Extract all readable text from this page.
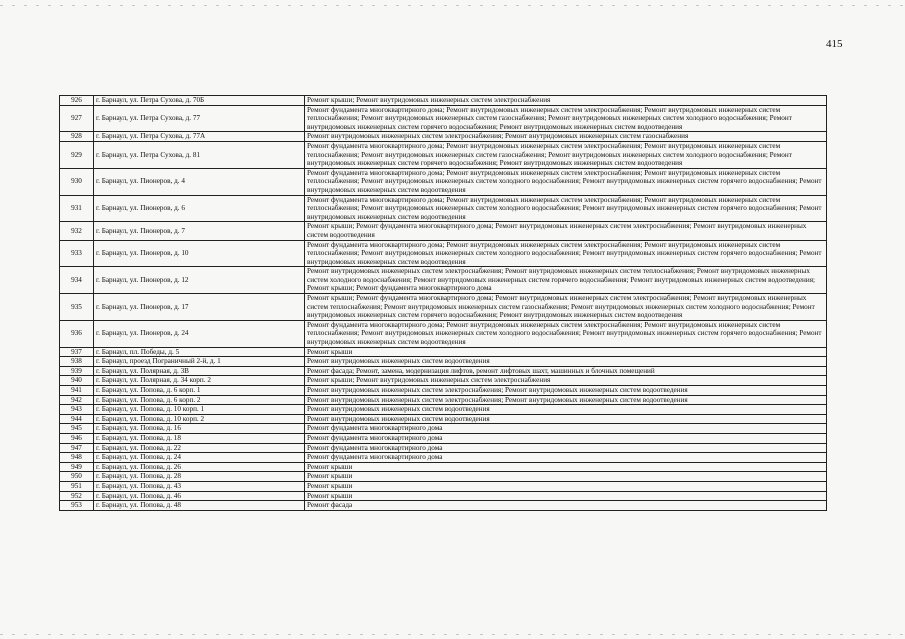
415
926	г. Барнаул, ул. Петра Сухова, д. 70Б	Ремонт крыши; Ремонт внутридомовых инженерных систем электроснабжения
927	г. Барнаул, ул. Петра Сухова, д. 77	Ремонт фундамента многоквартирного дома; Ремонт внутридомовых инженерных систем электроснабжения; Ремонт внутридомовых инженерных систем теплоснабжения; Ремонт внутридомовых инженерных систем газоснабжения; Ремонт внутридомовых инженерных систем холодного водоснабжения; Ремонт внутридомовых инженерных систем горячего водоснабжения; Ремонт внутридомовых инженерных систем водоотведения
928	г. Барнаул, ул. Петра Сухова, д. 77А	Ремонт внутридомовых инженерных систем электроснабжения; Ремонт внутридомовых инженерных систем газоснабжения
929	г. Барнаул, ул. Петра Сухова, д. 81	Ремонт фундамента многоквартирного дома; Ремонт внутридомовых инженерных систем электроснабжения; Ремонт внутридомовых инженерных систем теплоснабжения; Ремонт внутридомовых инженерных систем газоснабжения; Ремонт внутридомовых инженерных систем холодного водоснабжения; Ремонт внутридомовых инженерных систем горячего водоснабжения; Ремонт внутридомовых инженерных систем водоотведения
930	г. Барнаул, ул. Пионеров, д. 4	Ремонт фундамента многоквартирного дома; Ремонт внутридомовых инженерных систем электроснабжения; Ремонт внутридомовых инженерных систем теплоснабжения; Ремонт внутридомовых инженерных систем холодного водоснабжения; Ремонт внутридомовых инженерных систем горячего водоснабжения; Ремонт внутридомовых инженерных систем водоотведения
931	г. Барнаул, ул. Пионеров, д. 6	Ремонт фундамента многоквартирного дома; Ремонт внутридомовых инженерных систем электроснабжения; Ремонт внутридомовых инженерных систем теплоснабжения; Ремонт внутридомовых инженерных систем холодного водоснабжения; Ремонт внутридомовых инженерных систем горячего водоснабжения; Ремонт внутридомовых инженерных систем водоотведения
932	г. Барнаул, ул. Пионеров, д. 7	Ремонт крыши; Ремонт фундамента многоквартирного дома; Ремонт внутридомовых инженерных систем электроснабжения; Ремонт внутридомовых инженерных систем водоотведения
933	г. Барнаул, ул. Пионеров, д. 10	Ремонт фундамента многоквартирного дома; Ремонт внутридомовых инженерных систем электроснабжения; Ремонт внутридомовых инженерных систем теплоснабжения; Ремонт внутридомовых инженерных систем холодного водоснабжения; Ремонт внутридомовых инженерных систем горячего водоснабжения; Ремонт внутридомовых инженерных систем водоотведения
934	г. Барнаул, ул. Пионеров, д. 12	Ремонт внутридомовых инженерных систем электроснабжения; Ремонт внутридомовых инженерных систем теплоснабжения; Ремонт внутридомовых инженерных систем холодного водоснабжения; Ремонт внутридомовых инженерных систем горячего водоснабжения; Ремонт внутридомовых инженерных систем водоотведения; Ремонт крыши; Ремонт фундамента многоквартирного дома
935	г. Барнаул, ул. Пионеров, д. 17	Ремонт крыши; Ремонт фундамента многоквартирного дома; Ремонт внутридомовых инженерных систем электроснабжения; Ремонт внутридомовых инженерных систем теплоснабжения; Ремонт внутридомовых инженерных систем газоснабжения; Ремонт внутридомовых инженерных систем холодного водоснабжения; Ремонт внутридомовых инженерных систем горячего водоснабжения; Ремонт внутридомовых инженерных систем водоотведения
936	г. Барнаул, ул. Пионеров, д. 24	Ремонт фундамента многоквартирного дома; Ремонт внутридомовых инженерных систем электроснабжения; Ремонт внутридомовых инженерных систем теплоснабжения; Ремонт внутридомовых инженерных систем холодного водоснабжения; Ремонт внутридомовых инженерных систем горячего водоснабжения; Ремонт внутридомовых инженерных систем водоотведения
937	г. Барнаул, пл. Победы, д. 5	Ремонт крыши
938	г. Барнаул, проезд Пограничный 2-й, д. 1	Ремонт внутридомовых инженерных систем водоотведения
939	г. Барнаул, ул. Полярная, д. 3В	Ремонт фасада; Ремонт, замена, модернизация лифтов, ремонт лифтовых шахт, машинных и блочных помещений
940	г. Барнаул, ул. Полярная, д. 34 корп. 2	Ремонт крыши; Ремонт внутридомовых инженерных систем электроснабжения
941	г. Барнаул, ул. Попова, д. 6 корп. 1	Ремонт внутридомовых инженерных систем электроснабжения; Ремонт внутридомовых инженерных систем водоотведения
942	г. Барнаул, ул. Попова, д. 6 корп. 2	Ремонт внутридомовых инженерных систем электроснабжения; Ремонт внутридомовых инженерных систем водоотведения
943	г. Барнаул, ул. Попова, д. 10 корп. 1	Ремонт внутридомовых инженерных систем водоотведения
944	г. Барнаул, ул. Попова, д. 10 корп. 2	Ремонт внутридомовых инженерных систем водоотведения
945	г. Барнаул, ул. Попова, д. 16	Ремонт фундамента многоквартирного дома
946	г. Барнаул, ул. Попова, д. 18	Ремонт фундамента многоквартирного дома
947	г. Барнаул, ул. Попова, д. 22	Ремонт фундамента многоквартирного дома
948	г. Барнаул, ул. Попова, д. 24	Ремонт фундамента многоквартирного дома
949	г. Барнаул, ул. Попова, д. 26	Ремонт крыши
950	г. Барнаул, ул. Попова, д. 28	Ремонт крыши
951	г. Барнаул, ул. Попова, д. 43	Ремонт крыши
952	г. Барнаул, ул. Попова, д. 46	Ремонт крыши
953	г. Барнаул, ул. Попова, д. 48	Ремонт фасада
